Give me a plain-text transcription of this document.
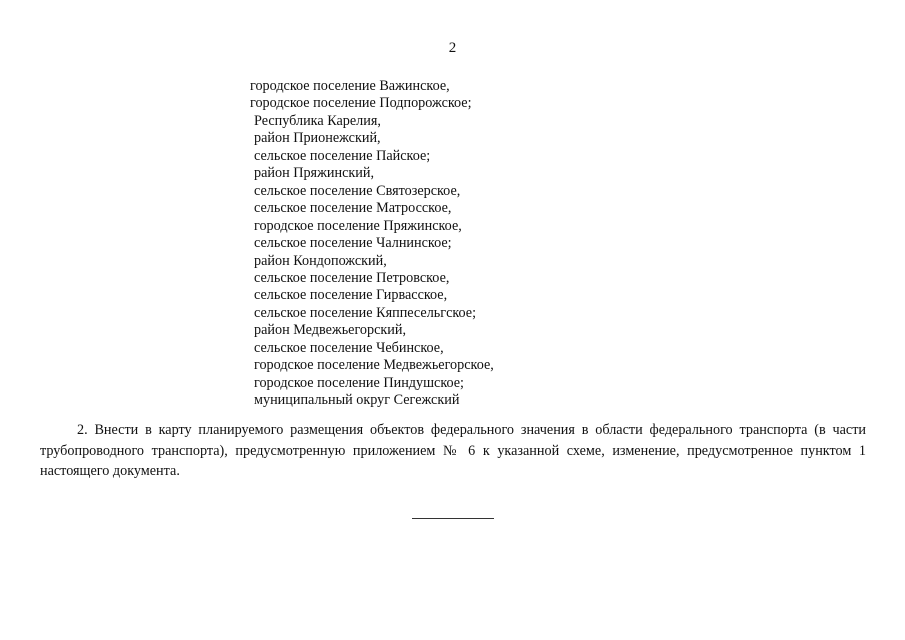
2
городское поселение Важинское,
городское поселение Подпорожское;
Республика Карелия,
район Прионежский,
сельское поселение Пайское;
район Пряжинский,
сельское поселение Святозерское,
сельское поселение Матросское,
городское поселение Пряжинское,
сельское поселение Чалнинское;
район Кондопожский,
сельское поселение Петровское,
сельское поселение Гирвасское,
сельское поселение Кяппесельгское;
район Медвежьегорский,
сельское поселение Чебинское,
городское поселение Медвежьегорское,
городское поселение Пиндушское;
муниципальный округ Сегежский

2. Внести в карту планируемого размещения объектов федерального значения в области федерального транспорта (в части трубопроводного транспорта), предусмотренную приложением № 6 к указанной схеме, изменение, предусмотренное пунктом 1 настоящего документа.
